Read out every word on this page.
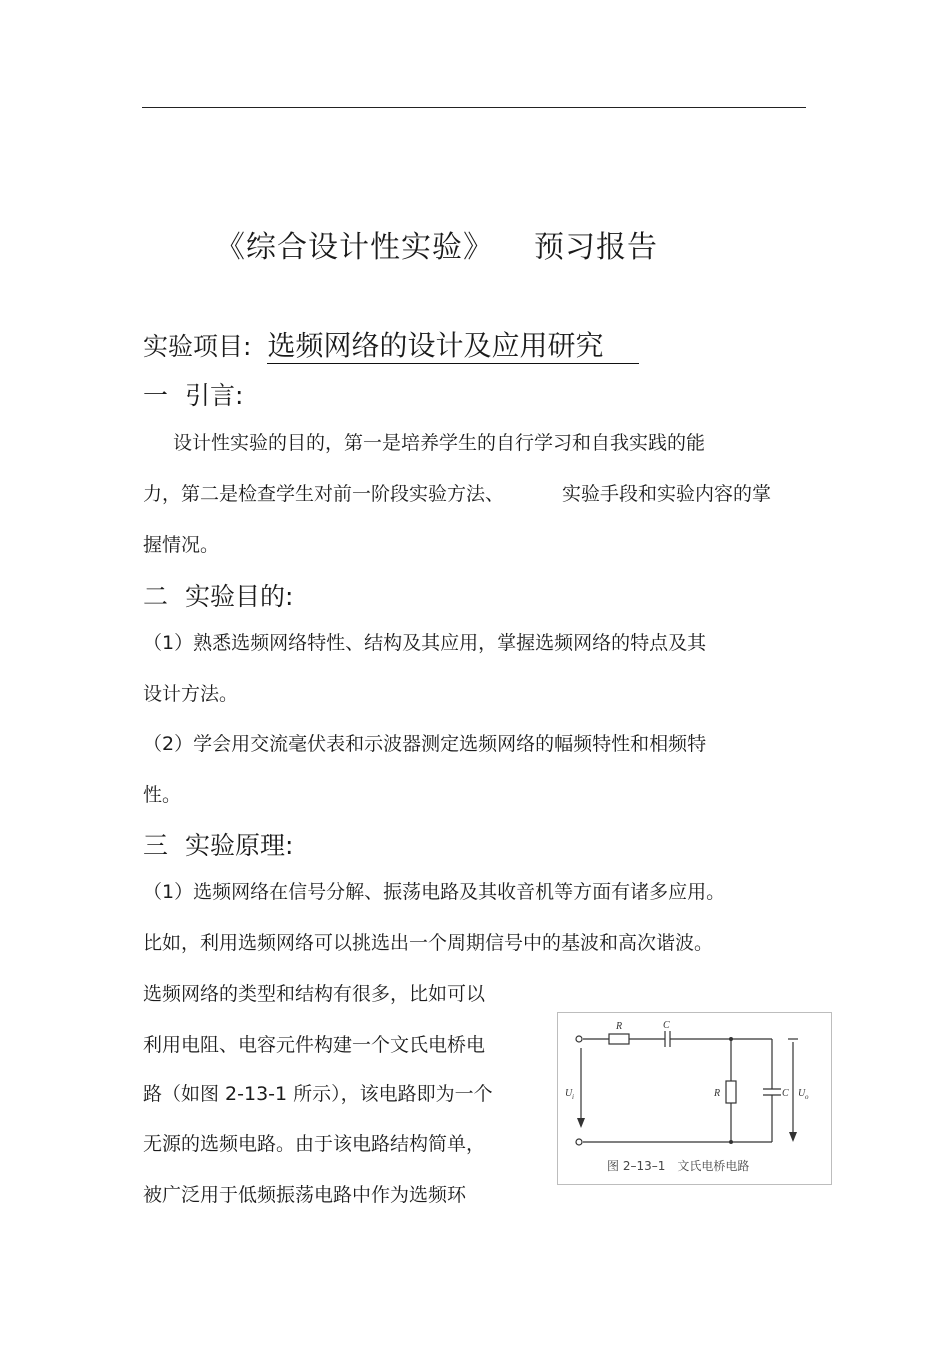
《综合设计性实验》 预习报告
实验项目: 选频网络的设计及应用研究
一 引言:
设计性实验的目的，第一是培养学生的自行学习和自我实践的能
力，第二是检查学生对前一阶段实验方法、	实验手段和实验内容的掌
握情况。
二 实验目的:
（1）熟悉选频网络特性、结构及其应用，掌握选频网络的特点及其
设计方法。
（2）学会用交流毫伏表和示波器测定选频网络的幅频特性和相频特
性。
三 实验原理:
（1）选频网络在信号分解、振荡电路及其收音机等方面有诸多应用。
比如，利用选频网络可以挑选出一个周期信号中的基波和高次谐波。
选频网络的类型和结构有很多，比如可以
利用电阻、电容元件构建一个文氏电桥电
路（如图 2-13-1 所示），该电路即为一个
无源的选频电路。由于该电路结构简单，
被广泛用于低频振荡电路中作为选频环
R	C
R	C
U i	U o
图 2–13–1　文氏电桥电路
